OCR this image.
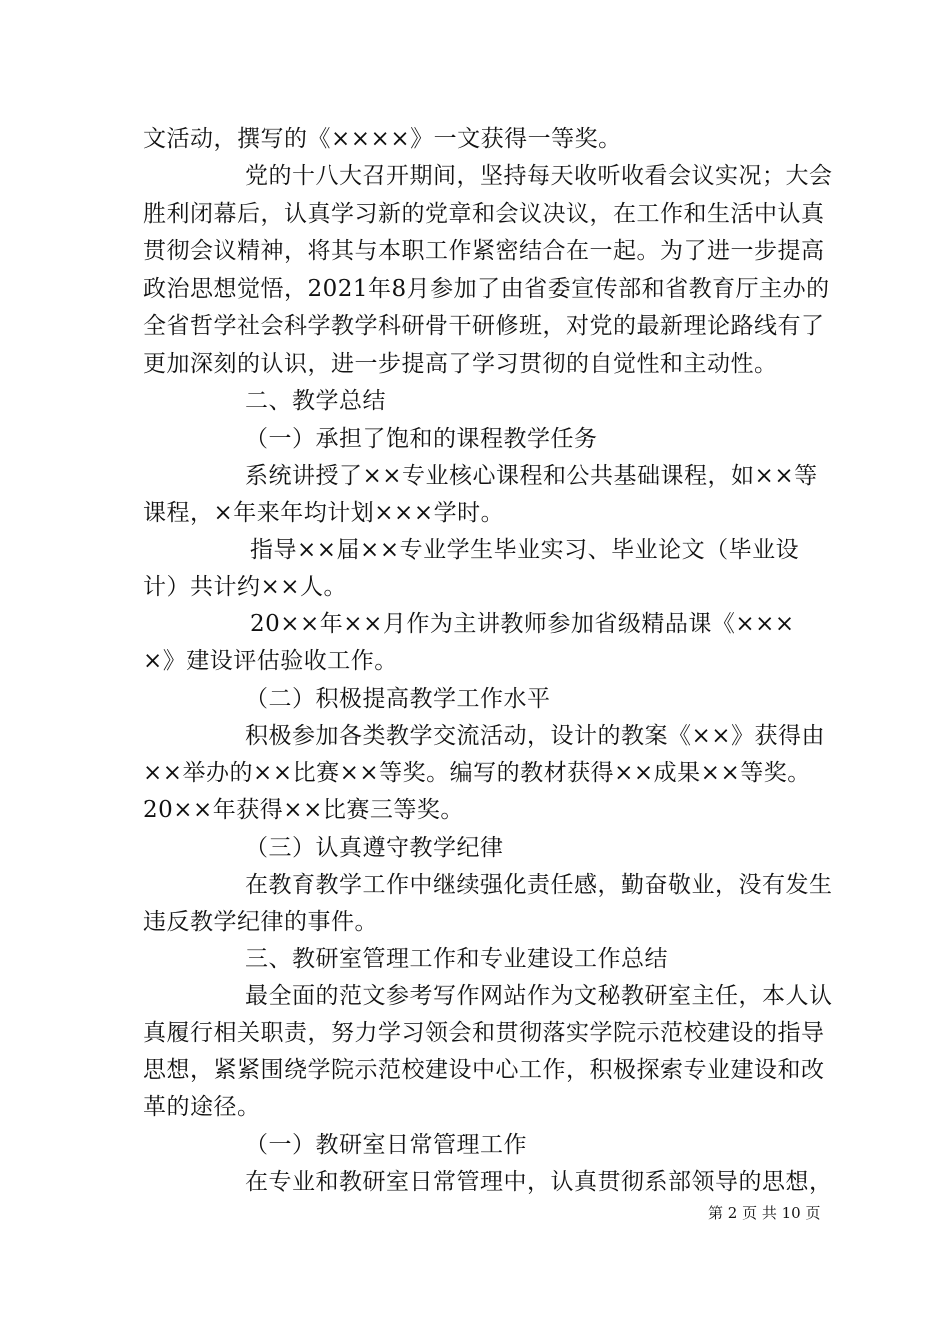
文活动，撰写的《××××》一文获得一等奖。
党的十八大召开期间，坚持每天收听收看会议实况；大会
胜利闭幕后，认真学习新的党章和会议决议，在工作和生活中认真
贯彻会议精神，将其与本职工作紧密结合在一起。为了进一步提高
政治思想觉悟，2021年8月参加了由省委宣传部和省教育厅主办的
全省哲学社会科学教学科研骨干研修班，对党的最新理论路线有了
更加深刻的认识，进一步提高了学习贯彻的自觉性和主动性。
二、教学总结
（一）承担了饱和的课程教学任务
系统讲授了××专业核心课程和公共基础课程，如××等
课程，×年来年均计划×××学时。
指导××届××专业学生毕业实习、毕业论文（毕业设
计）共计约××人。
20××年××月作为主讲教师参加省级精品课《×××
×》建设评估验收工作。
（二）积极提高教学工作水平
积极参加各类教学交流活动，设计的教案《××》获得由
××举办的××比赛××等奖。编写的教材获得××成果××等奖。
20××年获得××比赛三等奖。
（三）认真遵守教学纪律
在教育教学工作中继续强化责任感，勤奋敬业，没有发生
违反教学纪律的事件。
三、教研室管理工作和专业建设工作总结
最全面的范文参考写作网站作为文秘教研室主任，本人认
真履行相关职责，努力学习领会和贯彻落实学院示范校建设的指导
思想，紧紧围绕学院示范校建设中心工作，积极探索专业建设和改
革的途径。
（一）教研室日常管理工作
在专业和教研室日常管理中，认真贯彻系部领导的思想，
第 2 页 共 10 页
